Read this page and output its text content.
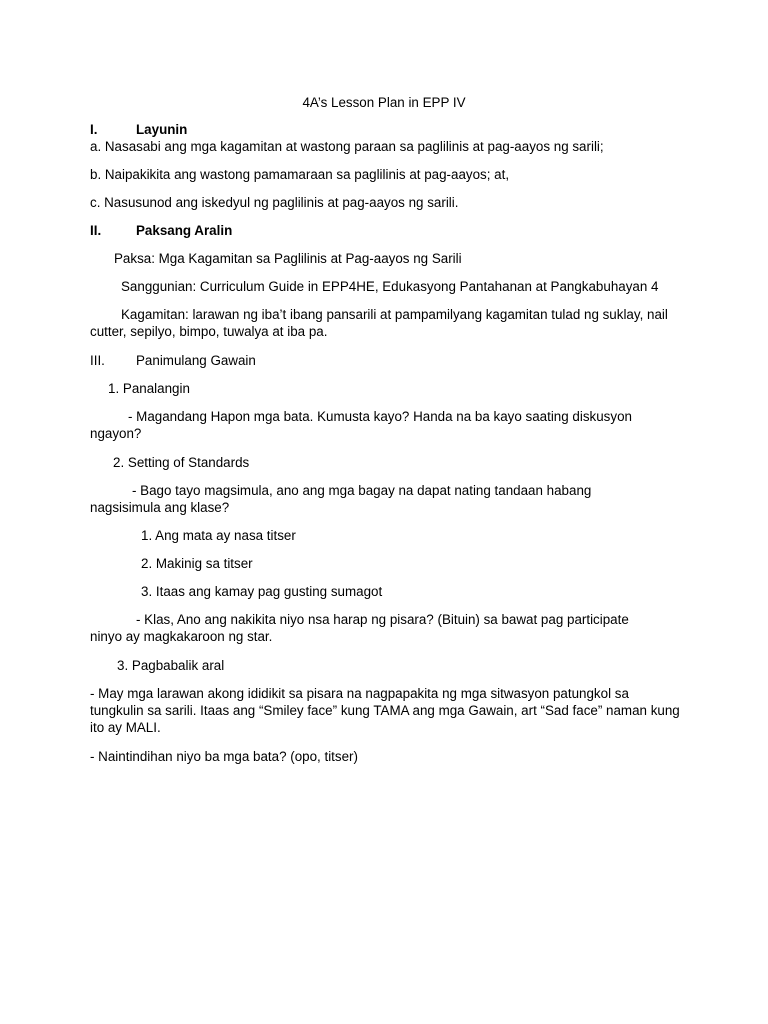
4A’s Lesson Plan in EPP IV
I.	Layunin
a. Nasasabi ang mga kagamitan at wastong paraan sa paglilinis at pag-aayos ng sarili;
b. Naipakikita ang wastong pamamaraan sa paglilinis at pag-aayos; at,
c. Nasusunod ang iskedyul ng paglilinis at pag-aayos ng sarili.
II.	Paksang Aralin
Paksa: Mga Kagamitan sa Paglilinis at Pag-aayos ng Sarili
Sanggunian: Curriculum Guide in EPP4HE, Edukasyong Pantahanan at Pangkabuhayan 4
Kagamitan: larawan ng iba’t ibang pansarili at pampamilyang kagamitan tulad ng suklay, nail cutter, sepilyo, bimpo, tuwalya at iba pa.
III. Panimulang Gawain
1. Panalangin
- Magandang Hapon mga bata. Kumusta kayo? Handa na ba kayo saating diskusyon ngayon?
2. Setting of Standards
- Bago tayo magsimula, ano ang mga bagay na dapat nating tandaan habang nagsisimula ang klase?
1. Ang mata ay nasa titser
2. Makinig sa titser
3. Itaas ang kamay pag gusting sumagot
- Klas, Ano ang nakikita niyo nsa harap ng pisara? (Bituin) sa bawat pag participate ninyo ay magkakaroon ng star.
3. Pagbabalik aral
- May mga larawan akong ididikit sa pisara na nagpapakita ng mga sitwasyon patungkol sa tungkulin sa sarili. Itaas ang “Smiley face” kung TAMA ang mga Gawain, art “Sad face” naman kung ito ay MALI.
- Naintindihan niyo ba mga bata? (opo, titser)
